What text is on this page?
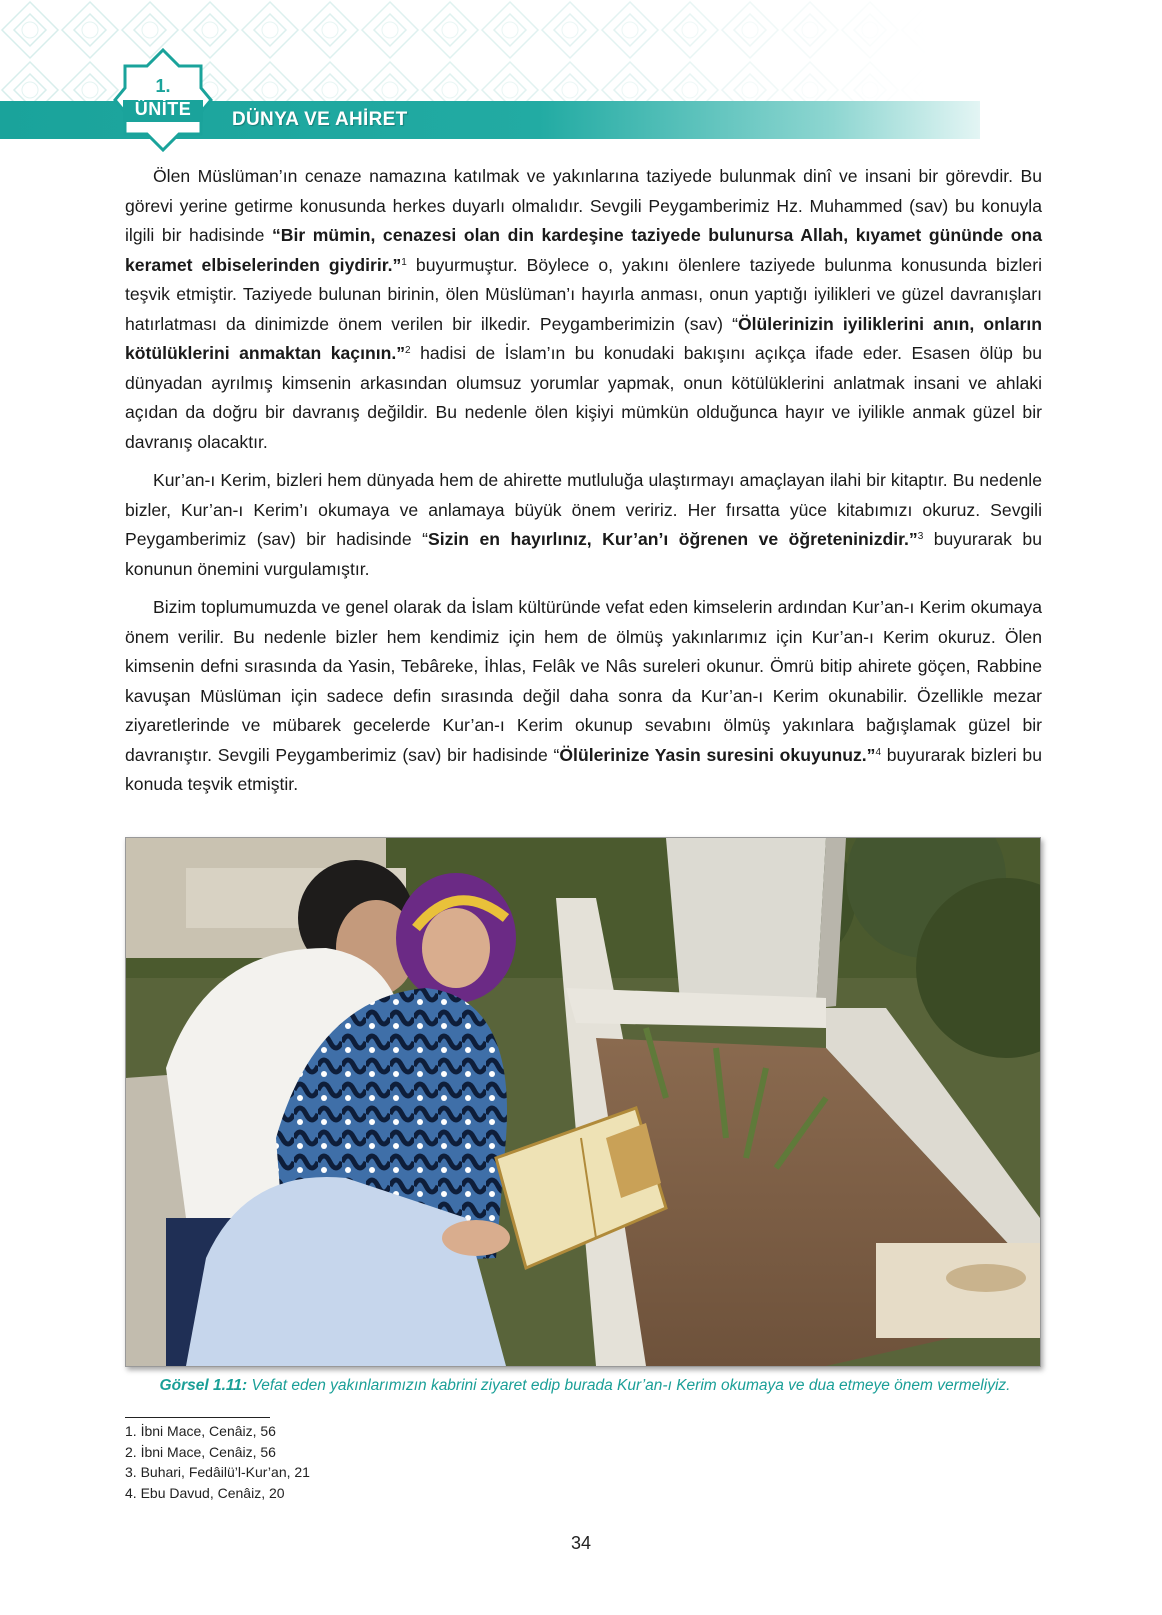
DÜNYA VE AHİRET
1.
ÜNİTE

Ölen Müslüman’ın cenaze namazına katılmak ve yakınlarına taziyede bulunmak dinî ve insani bir görevdir. Bu görevi yerine getirme konusunda herkes duyarlı olmalıdır. Sevgili Peygamberimiz Hz. Muhammed (sav) bu konuyla ilgili bir hadisinde “Bir mümin, cenazesi olan din kardeşine taziyede bulunursa Allah, kıyamet gününde ona keramet elbiselerinden giydirir.”$^1$ buyurmuştur. Böylece o, yakını ölenlere taziyede bulunma konusunda bizleri teşvik etmiştir. Taziyede bulunan birinin, ölen Müslüman’ı hayırla anması, onun yaptığı iyilikleri ve güzel davranışları hatırlatması da dinimizde önem verilen bir ilkedir. Peygamberimizin (sav) “Ölülerinizin iyiliklerini anın, onların kötülüklerini anmaktan kaçının.”$^2$ hadisi de İslam’ın bu konudaki bakışını açıkça ifade eder. Esasen ölüp bu dünyadan ayrılmış kimsenin arkasından olumsuz yorumlar yapmak, onun kötülüklerini anlatmak insani ve ahlaki açıdan da doğru bir davranış değildir. Bu nedenle ölen kişiyi mümkün olduğunca hayır ve iyilikle anmak güzel bir davranış olacaktır.

Kur’an-ı Kerim, bizleri hem dünyada hem de ahirette mutluluğa ulaştırmayı amaçlayan ilahi bir kitaptır. Bu nedenle bizler, Kur’an-ı Kerim’ı okumaya ve anlamaya büyük önem veririz. Her fırsatta yüce kitabımızı okuruz. Sevgili Peygamberimiz (sav) bir hadisinde “Sizin en hayırlınız, Kur’an’ı öğrenen ve öğreteninizdir.”$^3$ buyurarak bu konunun önemini vurgulamıştır.

Bizim toplumumuzda ve genel olarak da İslam kültüründe vefat eden kimselerin ardından Kur’an-ı Kerim okumaya önem verilir. Bu nedenle bizler hem kendimiz için hem de ölmüş yakınlarımız için Kur’an-ı Kerim okuruz. Ölen kimsenin defni sırasında da Yasin, Tebâreke, İhlas, Felâk ve Nâs sureleri okunur. Ömrü bitip ahirete göçen, Rabbine kavuşan Müslüman için sadece defin sırasında değil daha sonra da Kur’an-ı Kerim okunabilir. Özellikle mezar ziyaretlerinde ve mübarek gecelerde Kur’an-ı Kerim okunup sevabını ölmüş yakınlara bağışlamak güzel bir davranıştır. Sevgili Peygamberimiz (sav) bir hadisinde “Ölülerinize Yasin suresini okuyunuz.”$^4$ buyurarak bizleri bu konuda teşvik etmiştir.

Görsel 1.11: Vefat eden yakınlarımızın kabrini ziyaret edip burada Kur’an-ı Kerim okumaya ve dua etmeye önem vermeliyiz.
1. İbni Mace, Cenâiz, 56
2. İbni Mace, Cenâiz, 56
3. Buhari, Fedâilü’l-Kur’an, 21
4. Ebu Davud, Cenâiz, 20
34
